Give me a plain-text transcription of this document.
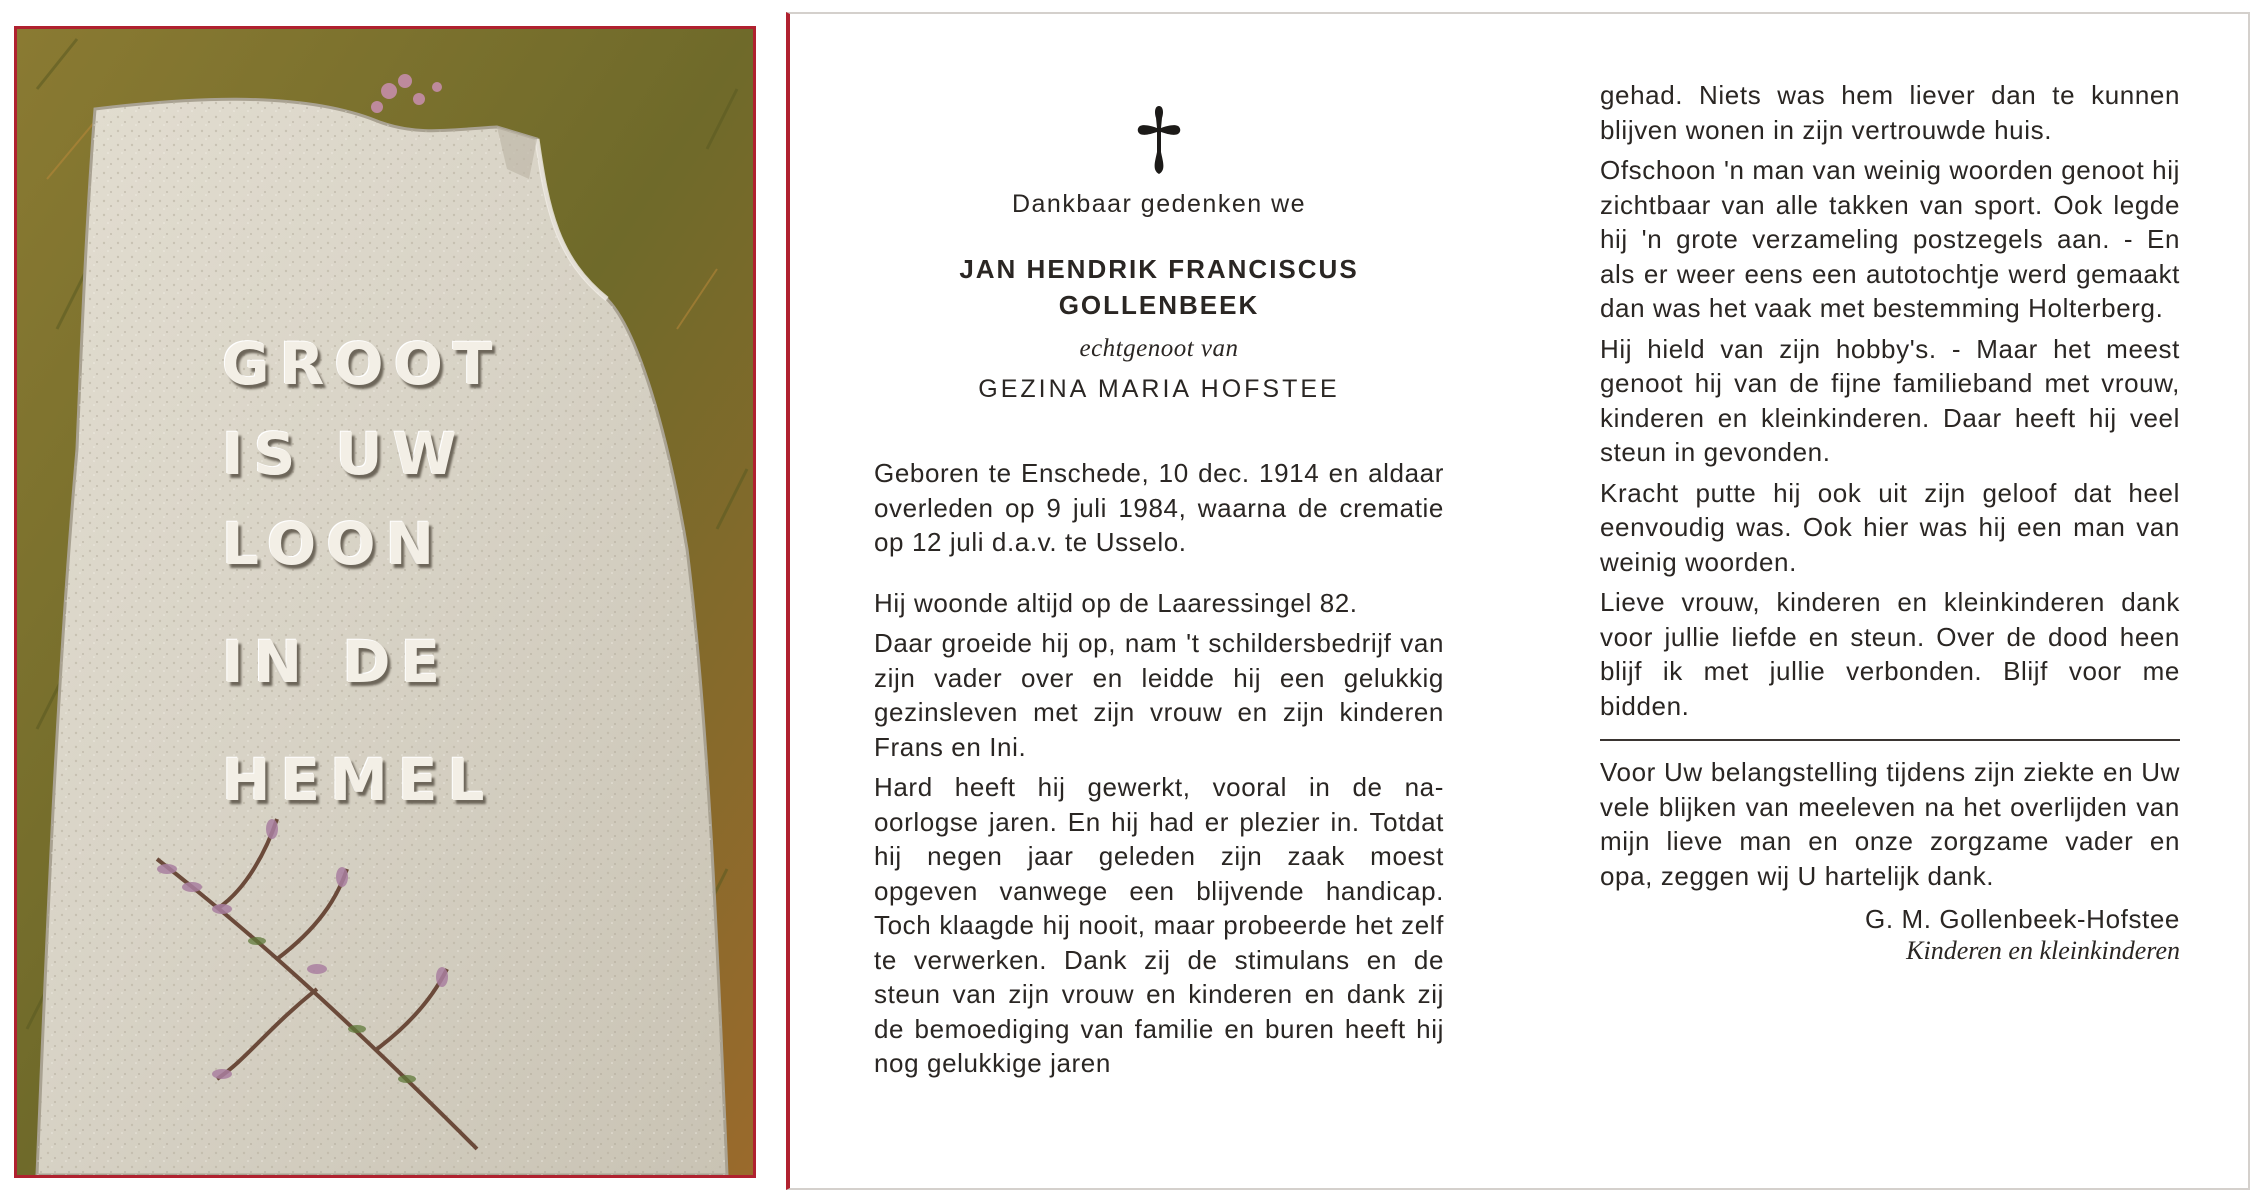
GROOT
IS UW
LOON
IN DE
HEMEL
Dankbaar gedenken we
JAN HENDRIK FRANCISCUS
GOLLENBEEK
echtgenoot van
GEZINA MARIA HOFSTEE

Geboren te Enschede, 10 dec. 1914 en aldaar overleden op 9 juli 1984, waarna de crematie op 12 juli d.a.v. te Usselo.

Hij woonde altijd op de Laaressingel 82.

Daar groeide hij op, nam 't schildersbedrijf van zijn vader over en leidde hij een gelukkig gezinsleven met zijn vrouw en zijn kinderen Frans en Ini.

Hard heeft hij gewerkt, vooral in de na-oorlogse jaren. En hij had er plezier in. Totdat hij negen jaar geleden zijn zaak moest opgeven vanwege een blijvende handicap. Toch klaagde hij nooit, maar probeerde het zelf te verwerken. Dank zij de stimulans en de steun van zijn vrouw en kinderen en dank zij de bemoediging van familie en buren heeft hij nog gelukkige jaren

gehad. Niets was hem liever dan te kunnen blijven wonen in zijn vertrouwde huis.

Ofschoon 'n man van weinig woorden genoot hij zichtbaar van alle takken van sport. Ook legde hij 'n grote verzameling postzegels aan. - En als er weer eens een autotochtje werd gemaakt dan was het vaak met bestemming Holterberg.

Hij hield van zijn hobby's. - Maar het meest genoot hij van de fijne familieband met vrouw, kinderen en kleinkinderen. Daar heeft hij veel steun in gevonden.

Kracht putte hij ook uit zijn geloof dat heel eenvoudig was. Ook hier was hij een man van weinig woorden.

Lieve vrouw, kinderen en kleinkinderen dank voor jullie liefde en steun. Over de dood heen blijf ik met jullie verbonden. Blijf voor me bidden.

Voor Uw belangstelling tijdens zijn ziekte en Uw vele blijken van meeleven na het overlijden van mijn lieve man en onze zorgzame vader en opa, zeggen wij U hartelijk dank.

G. M. Gollenbeek-Hofstee
Kinderen en kleinkinderen
